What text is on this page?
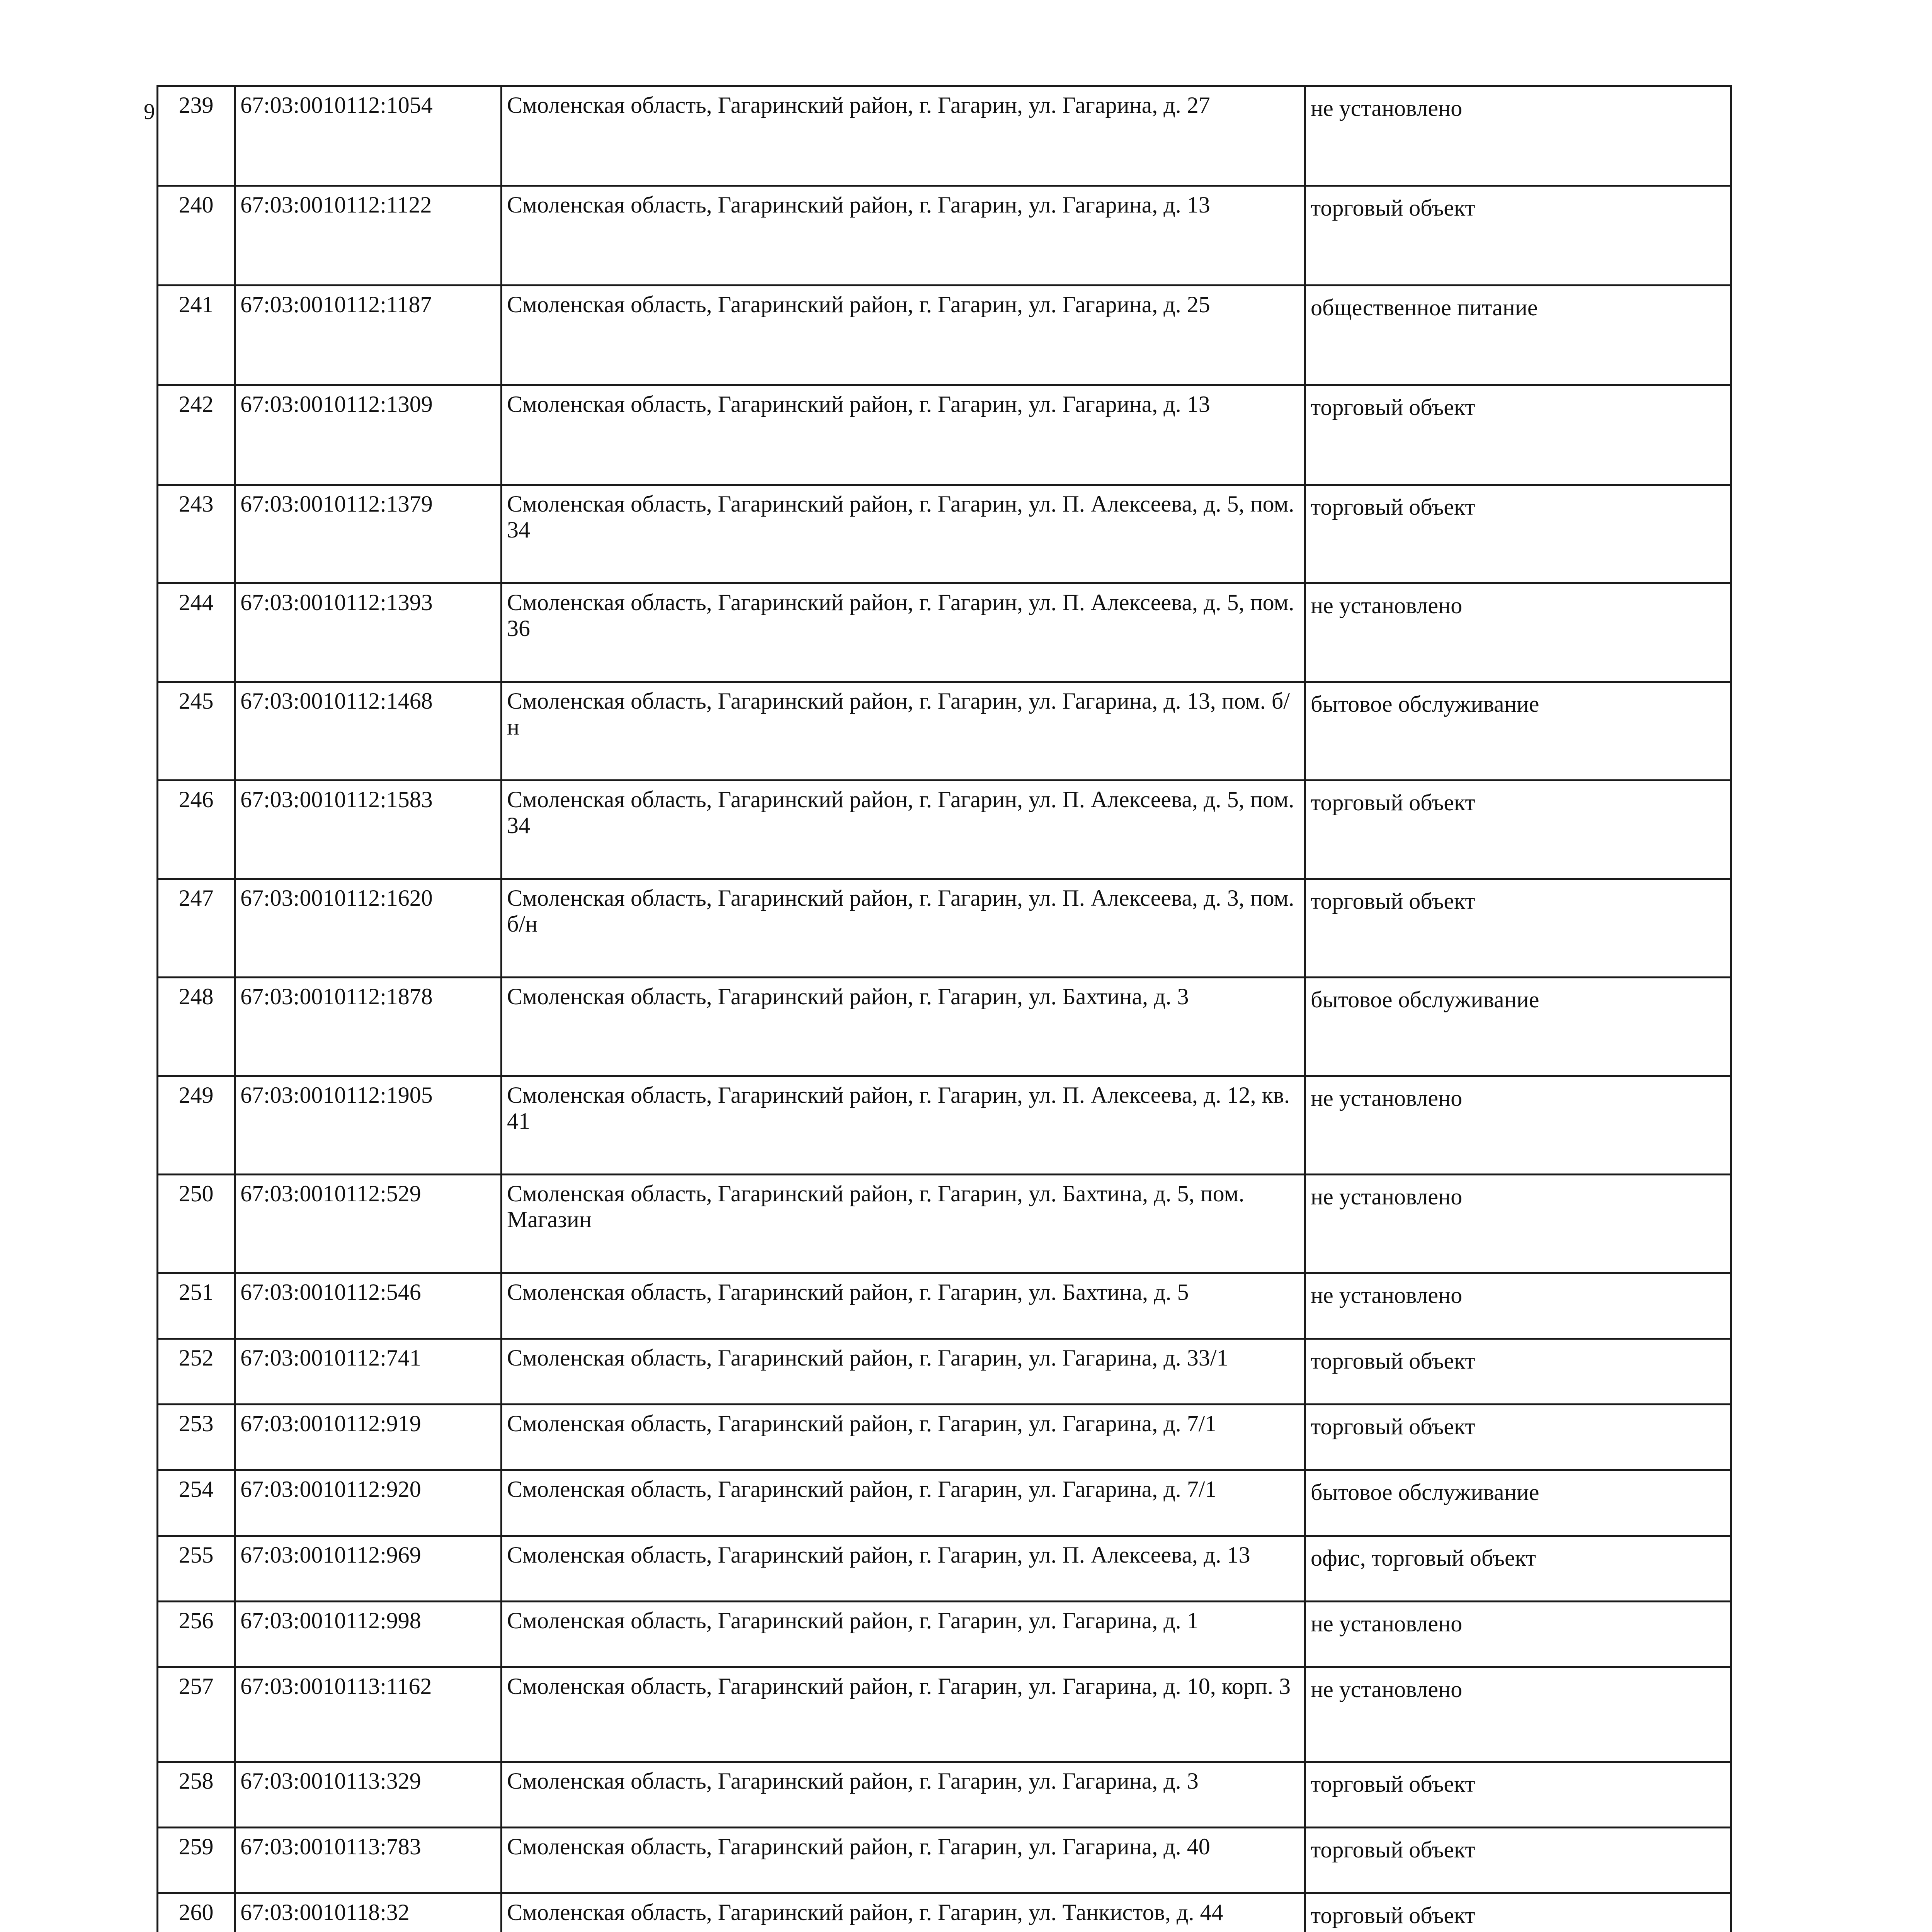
9 239	67:03:0010112:1054	Смоленская область, Гагаринский район, г. Гагарин, ул. Гагарина, д. 27	не установлено
240	67:03:0010112:1122	Смоленская область, Гагаринский район, г. Гагарин, ул. Гагарина, д. 13	торговый объект
241	67:03:0010112:1187	Смоленская область, Гагаринский район, г. Гагарин, ул. Гагарина, д. 25	общественное питание
242	67:03:0010112:1309	Смоленская область, Гагаринский район, г. Гагарин, ул. Гагарина, д. 13	торговый объект
243	67:03:0010112:1379	Смоленская область, Гагаринский район, г. Гагарин, ул. П. Алексеева, д. 5, пом. 34	торговый объект
244	67:03:0010112:1393	Смоленская область, Гагаринский район, г. Гагарин, ул. П. Алексеева, д. 5, пом. 36	не установлено
245	67:03:0010112:1468	Смоленская область, Гагаринский район, г. Гагарин, ул. Гагарина, д. 13, пом. б/н	бытовое обслуживание
246	67:03:0010112:1583	Смоленская область, Гагаринский район, г. Гагарин, ул. П. Алексеева, д. 5, пом. 34	торговый объект
247	67:03:0010112:1620	Смоленская область, Гагаринский район, г. Гагарин, ул. П. Алексеева, д. 3, пом. б/н	торговый объект
248	67:03:0010112:1878	Смоленская область, Гагаринский район, г. Гагарин, ул. Бахтина, д. 3	бытовое обслуживание
249	67:03:0010112:1905	Смоленская область, Гагаринский район, г. Гагарин, ул. П. Алексеева, д. 12, кв. 41	не установлено
250	67:03:0010112:529	Смоленская область, Гагаринский район, г. Гагарин, ул. Бахтина, д. 5, пом. Магазин	не установлено
251	67:03:0010112:546	Смоленская область, Гагаринский район, г. Гагарин, ул. Бахтина, д. 5	не установлено
252	67:03:0010112:741	Смоленская область, Гагаринский район, г. Гагарин, ул. Гагарина, д. 33/1	торговый объект
253	67:03:0010112:919	Смоленская область, Гагаринский район, г. Гагарин, ул. Гагарина, д. 7/1	торговый объект
254	67:03:0010112:920	Смоленская область, Гагаринский район, г. Гагарин, ул. Гагарина, д. 7/1	бытовое обслуживание
255	67:03:0010112:969	Смоленская область, Гагаринский район, г. Гагарин, ул. П. Алексеева, д. 13	офис, торговый объект
256	67:03:0010112:998	Смоленская область, Гагаринский район, г. Гагарин, ул. Гагарина, д. 1	не установлено
257	67:03:0010113:1162	Смоленская область, Гагаринский район, г. Гагарин, ул. Гагарина, д. 10, корп. 3	не установлено
258	67:03:0010113:329	Смоленская область, Гагаринский район, г. Гагарин, ул. Гагарина, д. 3	торговый объект
259	67:03:0010113:783	Смоленская область, Гагаринский район, г. Гагарин, ул. Гагарина, д. 40	торговый объект
260	67:03:0010118:32	Смоленская область, Гагаринский район, г. Гагарин, ул. Танкистов, д. 44	торговый объект
